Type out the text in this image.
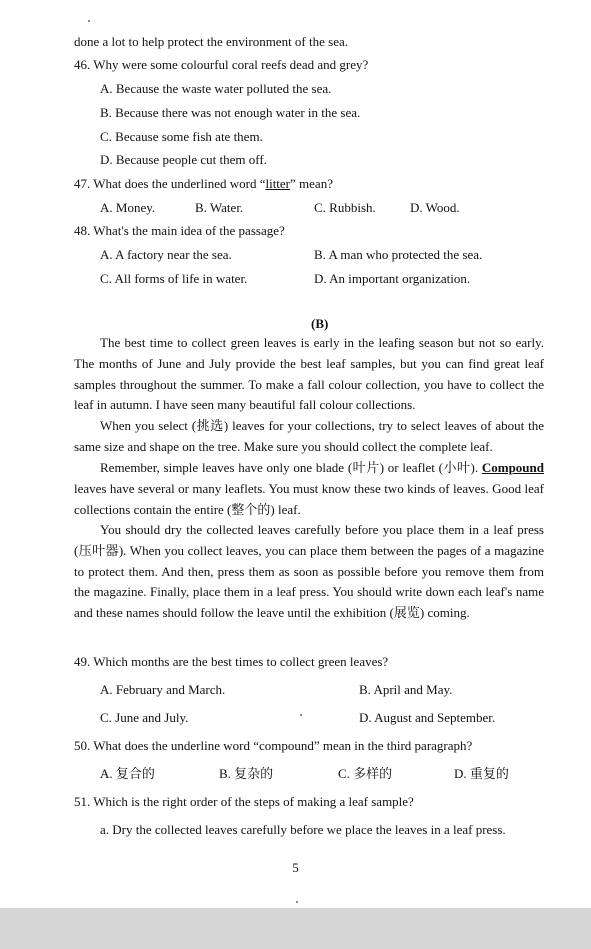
done a lot to help protect the environment of the sea.
46. Why were some colourful coral reefs dead and grey?
A. Because the waste water polluted the sea.
B. Because there was not enough water in the sea.
C. Because some fish ate them.
D. Because people cut them off.
47. What does the underlined word “litter” mean?
A. Money.	B. Water.	C. Rubbish.	D. Wood.
48. What's the main idea of the passage?
A. A factory near the sea.	B. A man who protected the sea.
C. All forms of life in water.	D. An important organization.
(B)
The best time to collect green leaves is early in the leafing season but not so early. The months of June and July provide the best leaf samples, but you can find great leaf samples throughout the summer. To make a fall colour collection, you have to collect the leaf in autumn. I have seen many beautiful fall colour collections.
When you select (挑选) leaves for your collections, try to select leaves of about the same size and shape on the tree. Make sure you should collect the complete leaf.
Remember, simple leaves have only one blade (叶片) or leaflet (小叶). Compound leaves have several or many leaflets. You must know these two kinds of leaves. Good leaf collections contain the entire (整个的) leaf.
You should dry the collected leaves carefully before you place them in a leaf press (压叶器). When you collect leaves, you can place them between the pages of a magazine to protect them. And then, press them as soon as possible before you remove them from the magazine. Finally, place them in a leaf press. You should write down each leaf's name and these names should follow the leave until the exhibition (展览) coming.
49. Which months are the best times to collect green leaves?
A. February and March.	B. April and May.
C. June and July.	D. August and September.
50. What does the underline word “compound” mean in the third paragraph?
A. 复合的	B. 复杂的	C. 多样的	D. 重复的
51. Which is the right order of the steps of making a leaf sample?
a. Dry the collected leaves carefully before we place the leaves in a leaf press.
5
